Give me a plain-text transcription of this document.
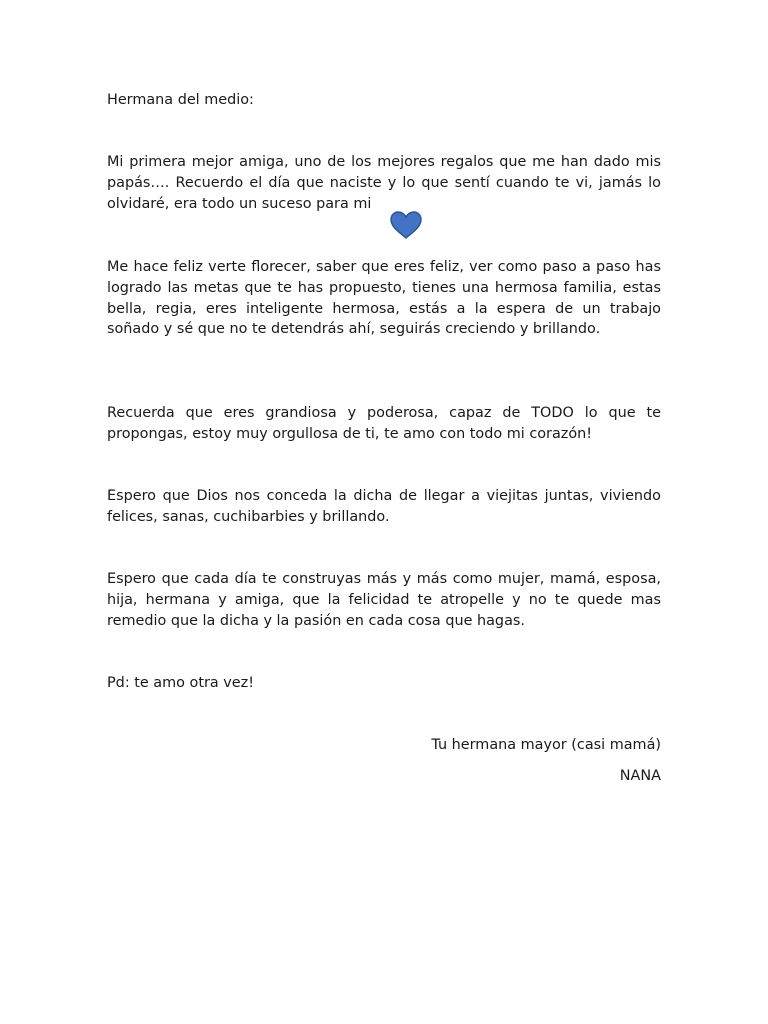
Hermana del medio:

Mi primera mejor amiga, uno de los mejores regalos que me han dado mis papás…. Recuerdo el día que naciste y lo que sentí cuando te vi, jamás lo olvidaré, era todo un suceso para mi

Me hace feliz verte florecer, saber que eres feliz, ver como paso a paso has logrado las metas que te has propuesto, tienes una hermosa familia, estas bella, regia, eres inteligente hermosa, estás a la espera de un trabajo soñado y sé que no te detendrás ahí, seguirás creciendo y brillando.

Recuerda que eres grandiosa y poderosa, capaz de TODO lo que te propongas, estoy muy orgullosa de ti, te amo con todo mi corazón!

Espero que Dios nos conceda la dicha de llegar a viejitas juntas, viviendo felices, sanas, cuchibarbies y brillando.

Espero que cada día te construyas más y más como mujer, mamá, esposa, hija, hermana y amiga, que la felicidad te atropelle y no te quede mas remedio que la dicha y la pasión en cada cosa que hagas.

Pd: te amo otra vez!

Tu hermana mayor (casi mamá)

NANA
